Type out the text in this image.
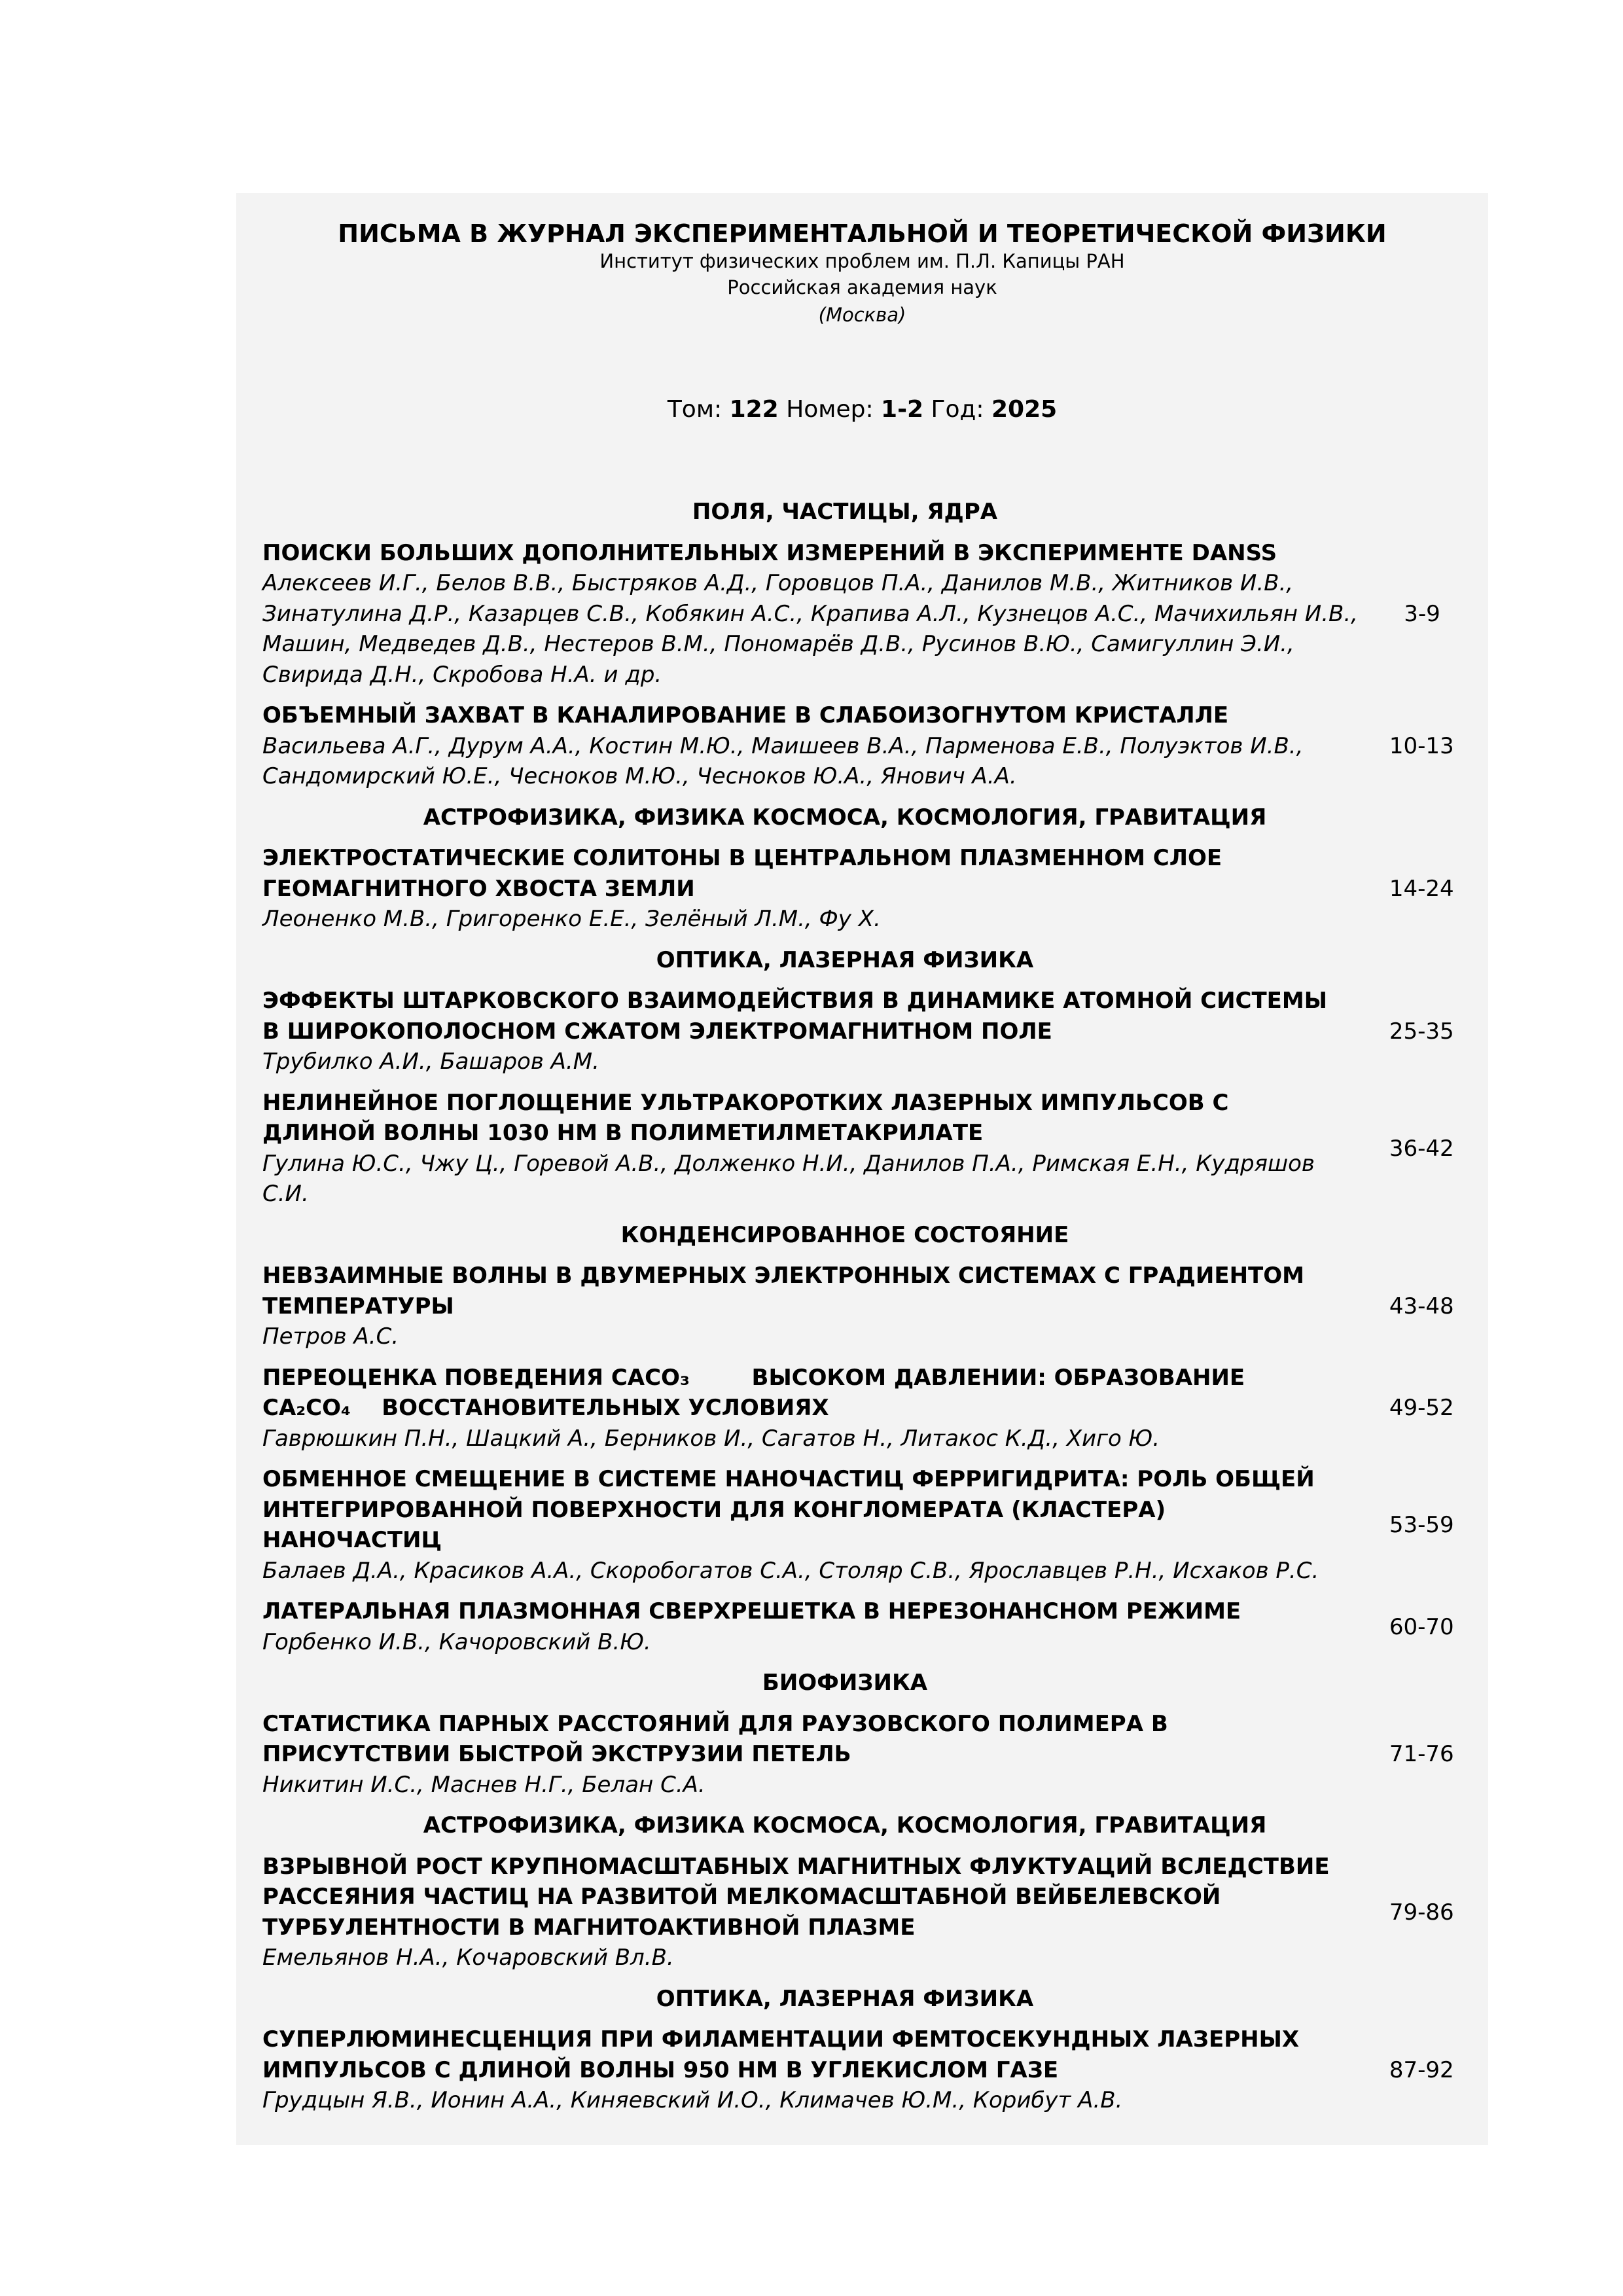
ПИСЬМА В ЖУРНАЛ ЭКСПЕРИМЕНТАЛЬНОЙ И ТЕОРЕТИЧЕСКОЙ ФИЗИКИ
Институт физических проблем им. П.Л. Капицы РАН
Российская академия наук
(Москва)
Том: 122 Номер: 1-2 Год: 2025
ПОЛЯ, ЧАСТИЦЫ, ЯДРА
ПОИСКИ БОЛЬШИХ ДОПОЛНИТЕЛЬНЫХ ИЗМЕРЕНИЙ В ЭКСПЕРИМЕНТЕ DANSS
Алексеев И.Г., Белов В.В., Быстряков А.Д., Горовцов П.А., Данилов М.В., Житников И.В.,
Зинатулина Д.Р., Казарцев С.В., Кобякин А.С., Крапива А.Л., Кузнецов А.С., Мачихильян И.В.,
Машин, Медведев Д.В., Нестеров В.М., Пономарёв Д.В., Русинов В.Ю., Самигуллин Э.И.,
Свирида Д.Н., Скробова Н.А. и др.
3-9
ОБЪЕМНЫЙ ЗАХВАТ В КАНАЛИРОВАНИЕ В СЛАБОИЗОГНУТОМ КРИСТАЛЛЕ
Васильева А.Г., Дурум А.А., Костин М.Ю., Маишеев В.А., Парменова Е.В., Полуэктов И.В.,
Сандомирский Ю.Е., Чесноков М.Ю., Чесноков Ю.А., Янович А.А.
10-13
АСТРОФИЗИКА, ФИЗИКА КОСМОСА, КОСМОЛОГИЯ, ГРАВИТАЦИЯ
ЭЛЕКТРОСТАТИЧЕСКИЕ СОЛИТОНЫ В ЦЕНТРАЛЬНОМ ПЛАЗМЕННОМ СЛОЕ
ГЕОМАГНИТНОГО ХВОСТА ЗЕМЛИ
Леоненко М.В., Григоренко Е.Е., Зелёный Л.М., Фу Х.
14-24
ОПТИКА, ЛАЗЕРНАЯ ФИЗИКА
ЭФФЕКТЫ ШТАРКОВСКОГО ВЗАИМОДЕЙСТВИЯ В ДИНАМИКЕ АТОМНОЙ СИСТЕМЫ
В ШИРОКОПОЛОСНОМ СЖАТОМ ЭЛЕКТРОМАГНИТНОМ ПОЛЕ
Трубилко А.И., Башаров А.М.
25-35
НЕЛИНЕЙНОЕ ПОГЛОЩЕНИЕ УЛЬТРАКОРОТКИХ ЛАЗЕРНЫХ ИМПУЛЬСОВ С
ДЛИНОЙ ВОЛНЫ 1030 НМ В ПОЛИМЕТИЛМЕТАКРИЛАТЕ
Гулина Ю.С., Чжу Ц., Горевой А.В., Долженко Н.И., Данилов П.А., Римская Е.Н., Кудряшов
С.И.
36-42
КОНДЕНСИРОВАННОЕ СОСТОЯНИЕ
НЕВЗАИМНЫЕ ВОЛНЫ В ДВУМЕРНЫХ ЭЛЕКТРОННЫХ СИСТЕМАХ С ГРАДИЕНТОМ
ТЕМПЕРАТУРЫ
Петров А.С.
43-48
ПЕРЕОЦЕНКА ПОВЕДЕНИЯ CACO₃        ВЫСОКОМ ДАВЛЕНИИ: ОБРАЗОВАНИЕ
CA₂CO₄    ВОССТАНОВИТЕЛЬНЫХ УСЛОВИЯХ
Гаврюшкин П.Н., Шацкий А., Берников И., Сагатов Н., Литакос К.Д., Хиго Ю.
49-52
ОБМЕННОЕ СМЕЩЕНИЕ В СИСТЕМЕ НАНОЧАСТИЦ ФЕРРИГИДРИТА: РОЛЬ ОБЩЕЙ
ИНТЕГРИРОВАННОЙ ПОВЕРХНОСТИ ДЛЯ КОНГЛОМЕРАТА (КЛАСТЕРА)
НАНОЧАСТИЦ
Балаев Д.А., Красиков А.А., Скоробогатов С.А., Столяр С.В., Ярославцев Р.Н., Исхаков Р.С.
53-59
ЛАТЕРАЛЬНАЯ ПЛАЗМОННАЯ СВЕРХРЕШЕТКА В НЕРЕЗОНАНСНОМ РЕЖИМЕ
Горбенко И.В., Качоровский В.Ю.
60-70
БИОФИЗИКА
СТАТИСТИКА ПАРНЫХ РАССТОЯНИЙ ДЛЯ РАУЗОВСКОГО ПОЛИМЕРА В
ПРИСУТСТВИИ БЫСТРОЙ ЭКСТРУЗИИ ПЕТЕЛЬ
Никитин И.С., Маснев Н.Г., Белан С.А.
71-76
АСТРОФИЗИКА, ФИЗИКА КОСМОСА, КОСМОЛОГИЯ, ГРАВИТАЦИЯ
ВЗРЫВНОЙ РОСТ КРУПНОМАСШТАБНЫХ МАГНИТНЫХ ФЛУКТУАЦИЙ ВСЛЕДСТВИЕ
РАССЕЯНИЯ ЧАСТИЦ НА РАЗВИТОЙ МЕЛКОМАСШТАБНОЙ ВЕЙБЕЛЕВСКОЙ
ТУРБУЛЕНТНОСТИ В МАГНИТОАКТИВНОЙ ПЛАЗМЕ
Емельянов Н.А., Кочаровский Вл.В.
79-86
ОПТИКА, ЛАЗЕРНАЯ ФИЗИКА
СУПЕРЛЮМИНЕСЦЕНЦИЯ ПРИ ФИЛАМЕНТАЦИИ ФЕМТОСЕКУНДНЫХ ЛАЗЕРНЫХ
ИМПУЛЬСОВ С ДЛИНОЙ ВОЛНЫ 950 НМ В УГЛЕКИСЛОМ ГАЗЕ
Грудцын Я.В., Ионин А.А., Киняевский И.О., Климачев Ю.М., Корибут А.В.
87-92
